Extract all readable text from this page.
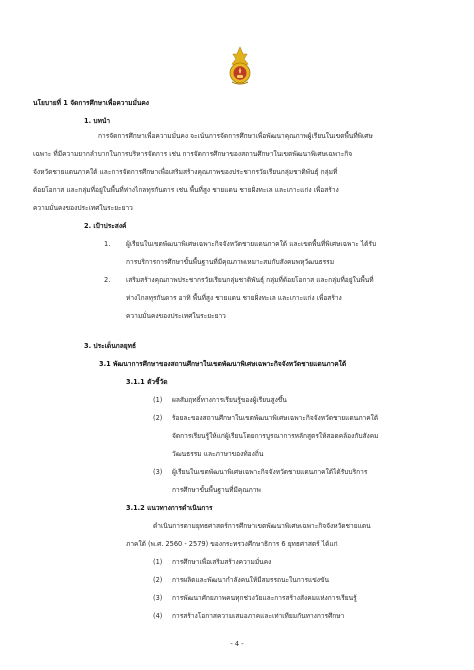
นโยบายที่ 1 จัดการศึกษาเพื่อความมั่นคง
1. บทนำ
การจัดการศึกษาเพื่อความมั่นคง จะเน้นการจัดการศึกษาเพื่อพัฒนาคุณภาพผู้เรียนในเขตพื้นที่พิเศษ
เฉพาะ ที่มีความยากลำบากในการบริหารจัดการ เช่น การจัดการศึกษาของสถานศึกษาในเขตพัฒนาพิเศษเฉพาะกิจ
จังหวัดชายแดนภาคใต้ และการจัดการศึกษาเพื่อเสริมสร้างคุณภาพของประชากรวัยเรียนกลุ่มชาติพันธุ์ กลุ่มที่
ด้อยโอกาส และกลุ่มที่อยู่ในพื้นที่ห่างไกลทุรกันดาร เช่น พื้นที่สูง ชายแดน ชายฝั่งทะเล และเกาะแก่ง เพื่อสร้าง
ความมั่นคงของประเทศในระยะยาว
2. เป้าประสงค์
1. ผู้เรียนในเขตพัฒนาพิเศษเฉพาะกิจจังหวัดชายแดนภาคใต้ และเขตพื้นที่พิเศษเฉพาะ ได้รับ
การบริการการศึกษาขั้นพื้นฐานที่มีคุณภาพเหมาะสมกับสังคมพหุวัฒนธรรม
2. เสริมสร้างคุณภาพประชากรวัยเรียนกลุ่มชาติพันธุ์ กลุ่มที่ด้อยโอกาส และกลุ่มที่อยู่ในพื้นที่
ห่างไกลทุรกันดาร อาทิ พื้นที่สูง ชายแดน ชายฝั่งทะเล และเกาะแก่ง เพื่อสร้าง
ความมั่นคงของประเทศในระยะยาว
3. ประเด็นกลยุทธ์
3.1 พัฒนาการศึกษาของสถานศึกษาในเขตพัฒนาพิเศษเฉพาะกิจจังหวัดชายแดนภาคใต้
3.1.1 ตัวชี้วัด
(1) ผลสัมฤทธิ์ทางการเรียนรู้ของผู้เรียนสูงขึ้น
(2) ร้อยละของสถานศึกษาในเขตพัฒนาพิเศษเฉพาะกิจจังหวัดชายแดนภาคใต้
จัดการเรียนรู้ให้แก่ผู้เรียนโดยการบูรณาการหลักสูตรให้สอดคล้องกับสังคม
วัฒนธรรม และภาษาของท้องถิ่น
(3) ผู้เรียนในเขตพัฒนาพิเศษเฉพาะกิจจังหวัดชายแดนภาคใต้ได้รับบริการ
การศึกษาขั้นพื้นฐานที่มีคุณภาพ
3.1.2 แนวทางการดำเนินการ
ดำเนินการตามยุทธศาสตร์การศึกษาเขตพัฒนาพิเศษเฉพาะกิจจังหวัดชายแดน
ภาคใต้ (พ.ศ. 2560 - 2579) ของกระทรวงศึกษาธิการ 6 ยุทธศาสตร์ ได้แก่
(1) การศึกษาเพื่อเสริมสร้างความมั่นคง
(2) การผลิตและพัฒนากำลังคนให้มีสมรรถนะในการแข่งขัน
(3) การพัฒนาศักยภาพคนทุกช่วงวัยและการสร้างสังคมแห่งการเรียนรู้
(4) การสร้างโอกาสความเสมอภาคและเท่าเทียมกันทางการศึกษา
- 4 -
